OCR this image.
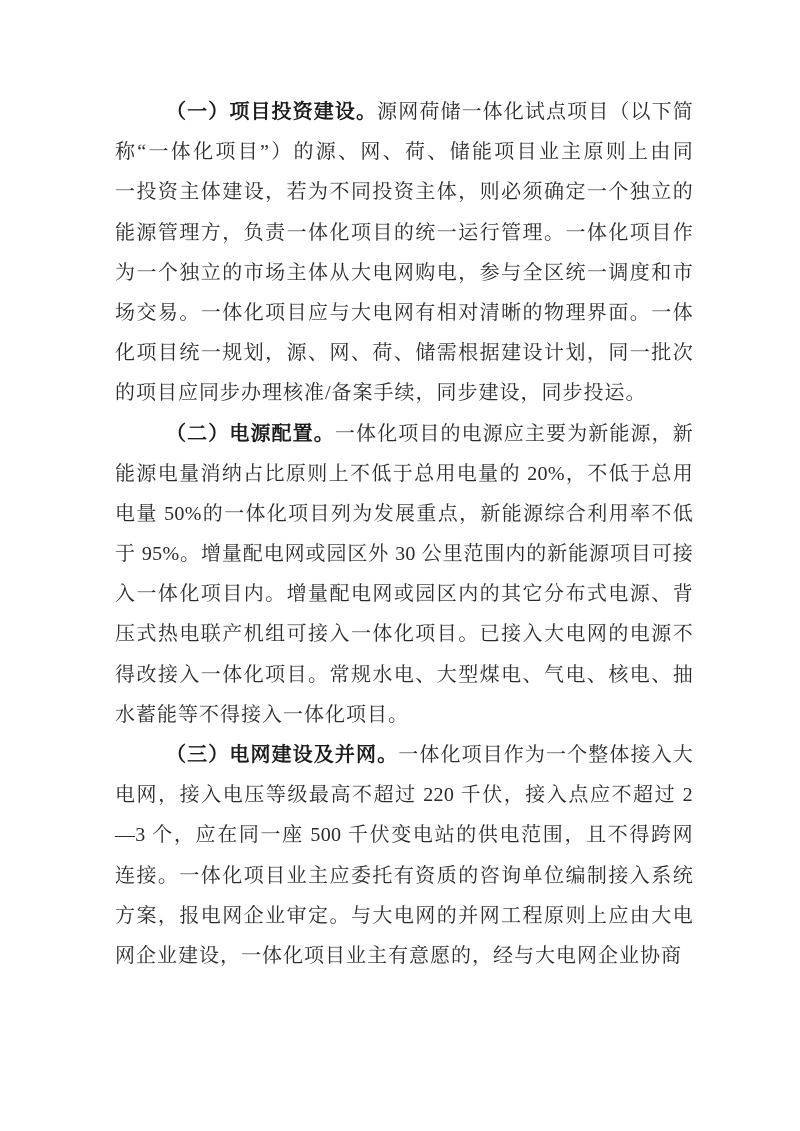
（一）项目投资建设。源网荷储一体化试点项目（以下简
称“一体化项目”）的源、网、荷、储能项目业主原则上由同
一投资主体建设，若为不同投资主体，则必须确定一个独立的
能源管理方，负责一体化项目的统一运行管理。一体化项目作
为一个独立的市场主体从大电网购电，参与全区统一调度和市
场交易。一体化项目应与大电网有相对清晰的物理界面。一体
化项目统一规划，源、网、荷、储需根据建设计划，同一批次
的项目应同步办理核准/备案手续，同步建设，同步投运。
（二）电源配置。一体化项目的电源应主要为新能源，新
能源电量消纳占比原则上不低于总用电量的 20%，不低于总用
电量 50%的一体化项目列为发展重点，新能源综合利用率不低
于 95%。增量配电网或园区外 30 公里范围内的新能源项目可接
入一体化项目内。增量配电网或园区内的其它分布式电源、背
压式热电联产机组可接入一体化项目。已接入大电网的电源不
得改接入一体化项目。常规水电、大型煤电、气电、核电、抽
水蓄能等不得接入一体化项目。
（三）电网建设及并网。一体化项目作为一个整体接入大
电网，接入电压等级最高不超过 220 千伏，接入点应不超过 2
—3 个，应在同一座 500 千伏变电站的供电范围，且不得跨网
连接。一体化项目业主应委托有资质的咨询单位编制接入系统
方案，报电网企业审定。与大电网的并网工程原则上应由大电
网企业建设，一体化项目业主有意愿的，经与大电网企业协商
